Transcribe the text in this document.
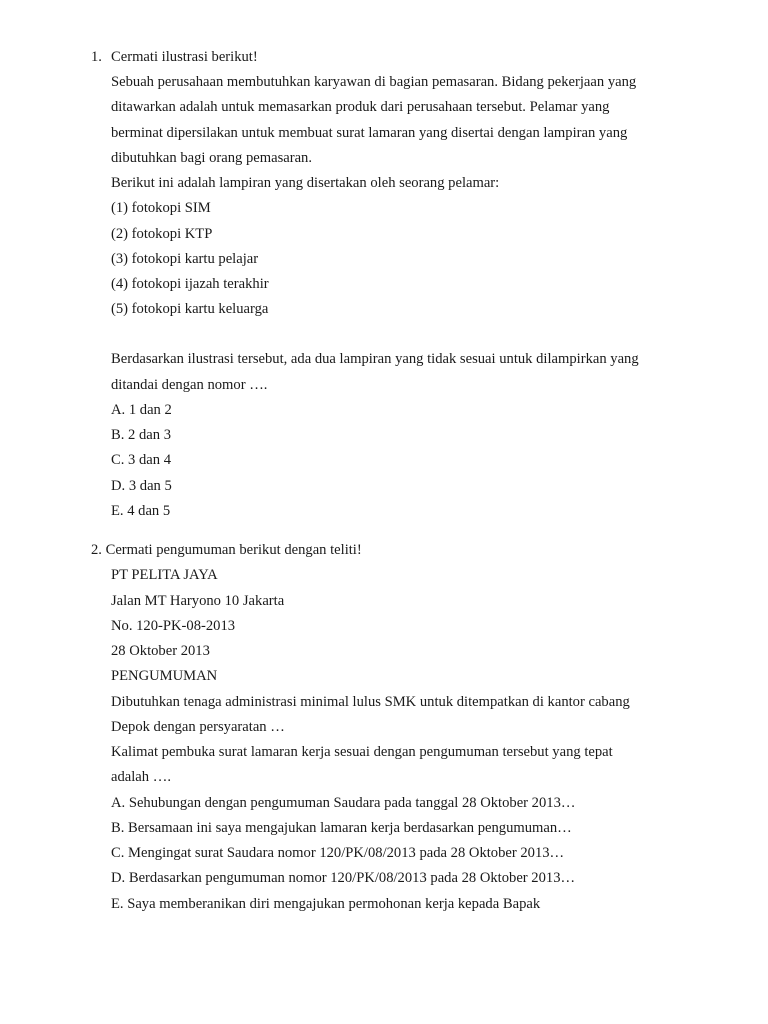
1. Cermati ilustrasi berikut!
Sebuah perusahaan membutuhkan karyawan di bagian pemasaran. Bidang pekerjaan yang
ditawarkan adalah untuk memasarkan produk dari perusahaan tersebut. Pelamar yang
berminat dipersilakan untuk membuat surat lamaran yang disertai dengan lampiran yang
dibutuhkan bagi orang pemasaran.
Berikut ini adalah lampiran yang disertakan oleh seorang pelamar:
(1) fotokopi SIM
(2) fotokopi KTP
(3) fotokopi kartu pelajar
(4) fotokopi ijazah terakhir
(5) fotokopi kartu keluarga
Berdasarkan ilustrasi tersebut, ada dua lampiran yang tidak sesuai untuk dilampirkan yang
ditandai dengan nomor ….
A. 1 dan 2
B. 2 dan 3
C. 3 dan 4
D. 3 dan 5
E. 4 dan 5
2. Cermati pengumuman berikut dengan teliti!
PT PELITA JAYA
Jalan MT Haryono 10 Jakarta
No. 120-PK-08-2013
28 Oktober 2013
PENGUMUMAN
Dibutuhkan tenaga administrasi minimal lulus SMK untuk ditempatkan di kantor cabang
Depok dengan persyaratan …
Kalimat pembuka surat lamaran kerja sesuai dengan pengumuman tersebut yang tepat
adalah ….
A. Sehubungan dengan pengumuman Saudara pada tanggal 28 Oktober 2013…
B. Bersamaan ini saya mengajukan lamaran kerja berdasarkan pengumuman…
C. Mengingat surat Saudara nomor 120/PK/08/2013 pada 28 Oktober 2013…
D. Berdasarkan pengumuman nomor 120/PK/08/2013 pada 28 Oktober 2013…
E. Saya memberanikan diri mengajukan permohonan kerja kepada Bapak
